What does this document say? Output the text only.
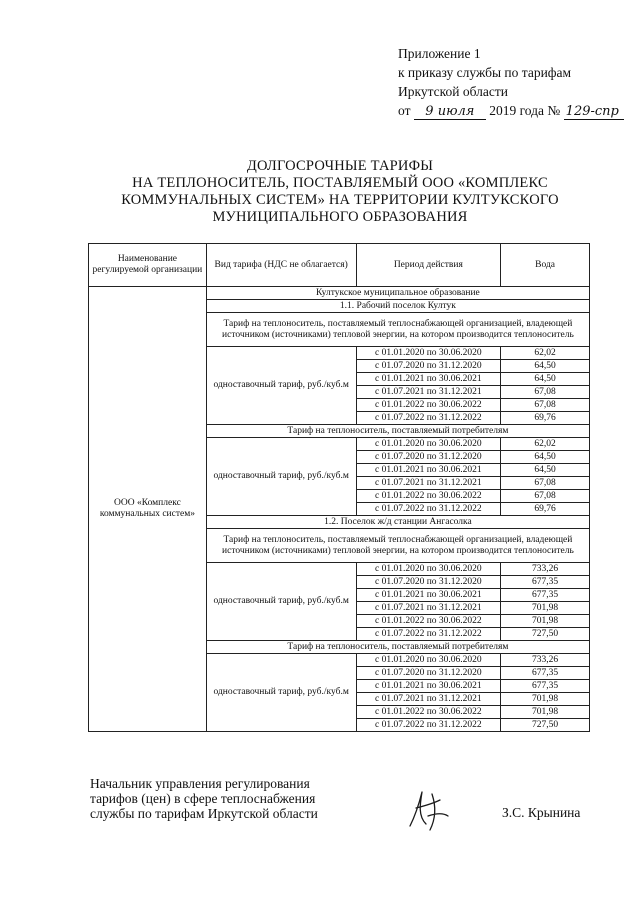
Приложение 1
к приказу службы по тарифам
Иркутской области
от 9 июля 2019 года № 129-спр
ДОЛГОСРОЧНЫЕ ТАРИФЫ
НА ТЕПЛОНОСИТЕЛЬ, ПОСТАВЛЯЕМЫЙ ООО «КОМПЛЕКС
КОММУНАЛЬНЫХ СИСТЕМ» НА ТЕРРИТОРИИ КУЛТУКСКОГО
МУНИЦИПАЛЬНОГО ОБРАЗОВАНИЯ
Наименование регулируемой организации	Вид тарифа (НДС не облагается)	Период действия	Вода
ООО «Комплекс коммунальных систем»	Култукское муниципальное образование		
	1.1. Рабочий поселок Култук		
	Тариф на теплоноситель, поставляемый теплоснабжающей организацией, владеющей источником (источниками) тепловой энергии, на котором производится теплоноситель		
	одноставочный тариф, руб./куб.м	с 01.01.2020 по 30.06.2020	62,02
		с 01.07.2020 по 31.12.2020	64,50
		с 01.01.2021 по 30.06.2021	64,50
		с 01.07.2021 по 31.12.2021	67,08
		с 01.01.2022 по 30.06.2022	67,08
		с 01.07.2022 по 31.12.2022	69,76
	Тариф на теплоноситель, поставляемый потребителям		
	одноставочный тариф, руб./куб.м	с 01.01.2020 по 30.06.2020	62,02
		с 01.07.2020 по 31.12.2020	64,50
		с 01.01.2021 по 30.06.2021	64,50
		с 01.07.2021 по 31.12.2021	67,08
		с 01.01.2022 по 30.06.2022	67,08
		с 01.07.2022 по 31.12.2022	69,76
	1.2. Поселок ж/д станции Ангасолка		
	Тариф на теплоноситель, поставляемый теплоснабжающей организацией, владеющей источником (источниками) тепловой энергии, на котором производится теплоноситель		
	одноставочный тариф, руб./куб.м	с 01.01.2020 по 30.06.2020	733,26
		с 01.07.2020 по 31.12.2020	677,35
		с 01.01.2021 по 30.06.2021	677,35
		с 01.07.2021 по 31.12.2021	701,98
		с 01.01.2022 по 30.06.2022	701,98
		с 01.07.2022 по 31.12.2022	727,50
	Тариф на теплоноситель, поставляемый потребителям		
	одноставочный тариф, руб./куб.м	с 01.01.2020 по 30.06.2020	733,26
		с 01.07.2020 по 31.12.2020	677,35
		с 01.01.2021 по 30.06.2021	677,35
		с 01.07.2021 по 31.12.2021	701,98
		с 01.01.2022 по 30.06.2022	701,98
		с 01.07.2022 по 31.12.2022	727,50
Начальник управления регулирования
тарифов (цен) в сфере теплоснабжения
службы по тарифам Иркутской области	З.С. Крынина
